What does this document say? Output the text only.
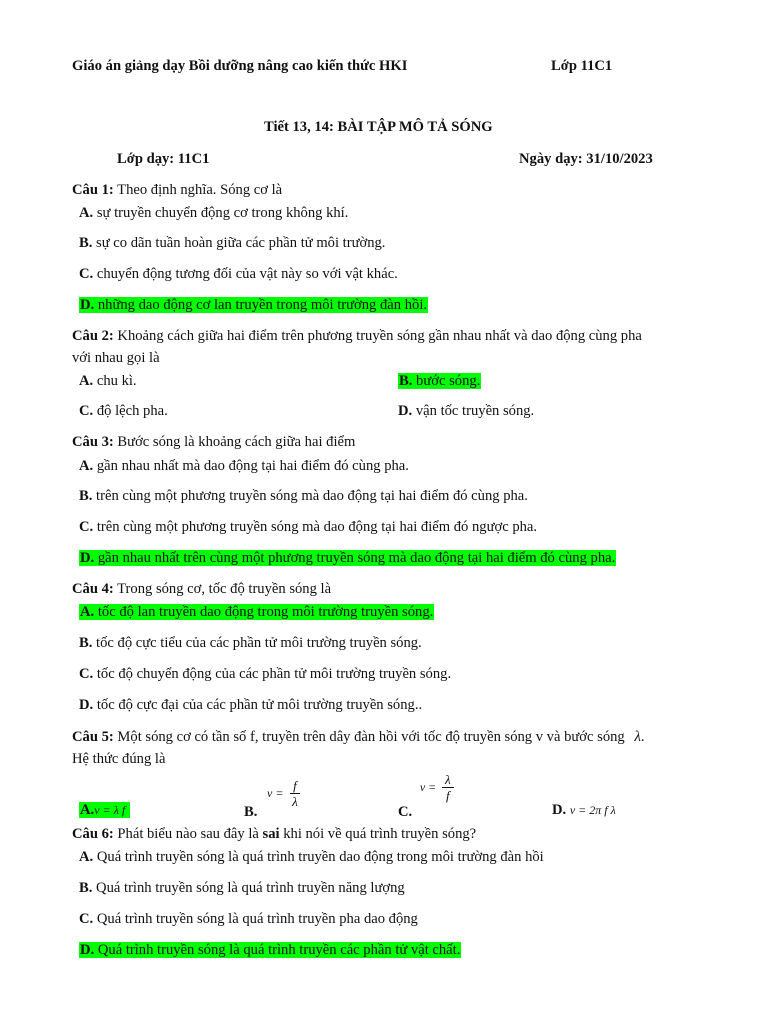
Giáo án giảng dạy Bồi dưỡng nâng cao kiến thức HKI	Lớp 11C1
Tiết 13, 14: BÀI TẬP MÔ TẢ SÓNG
Lớp dạy: 11C1	Ngày dạy: 31/10/2023
Câu 1: Theo định nghĩa. Sóng cơ là
A. sự truyền chuyển động cơ trong không khí.
B. sự co dãn tuần hoàn giữa các phần tử môi trường.
C. chuyển động tương đối của vật này so với vật khác.
D. những dao động cơ lan truyền trong môi trường đàn hồi.
Câu 2: Khoảng cách giữa hai điểm trên phương truyền sóng gần nhau nhất và dao động cùng pha
với nhau gọi là
A. chu kì.	B. bước sóng.
C. độ lệch pha.	D. vận tốc truyền sóng.
Câu 3: Bước sóng là khoảng cách giữa hai điểm
A. gần nhau nhất mà dao động tại hai điểm đó cùng pha.
B. trên cùng một phương truyền sóng mà dao động tại hai điểm đó cùng pha.
C. trên cùng một phương truyền sóng mà dao động tại hai điểm đó ngược pha.
D. gần nhau nhất trên cùng một phương truyền sóng mà dao động tại hai điểm đó cùng pha.
Câu 4: Trong sóng cơ, tốc độ truyền sóng là
A. tốc độ lan truyền dao động trong môi trường truyền sóng.
B. tốc độ cực tiểu của các phần tử môi trường truyền sóng.
C. tốc độ chuyển động của các phần tử môi trường truyền sóng.
D. tốc độ cực đại của các phần tử môi trường truyền sóng..
Câu 5: Một sóng cơ có tần số f, truyền trên dây đàn hồi với tốc độ truyền sóng v và bước sóng λ.
Hệ thức đúng là
A.v = λ f	B. $v = \frac{f}{\lambda}$
C. $v = \frac{\lambda}{f}$
D. v = 2π f λ
Câu 6: Phát biểu nào sau đây là sai khi nói về quá trình truyền sóng?
A. Quá trình truyền sóng là quá trình truyền dao động trong môi trường đàn hồi
B. Quá trình truyền sóng là quá trình truyền năng lượng
C. Quá trình truyền sóng là quá trình truyền pha dao động
D. Quá trình truyền sóng là quá trình truyền các phần tử vật chất.
